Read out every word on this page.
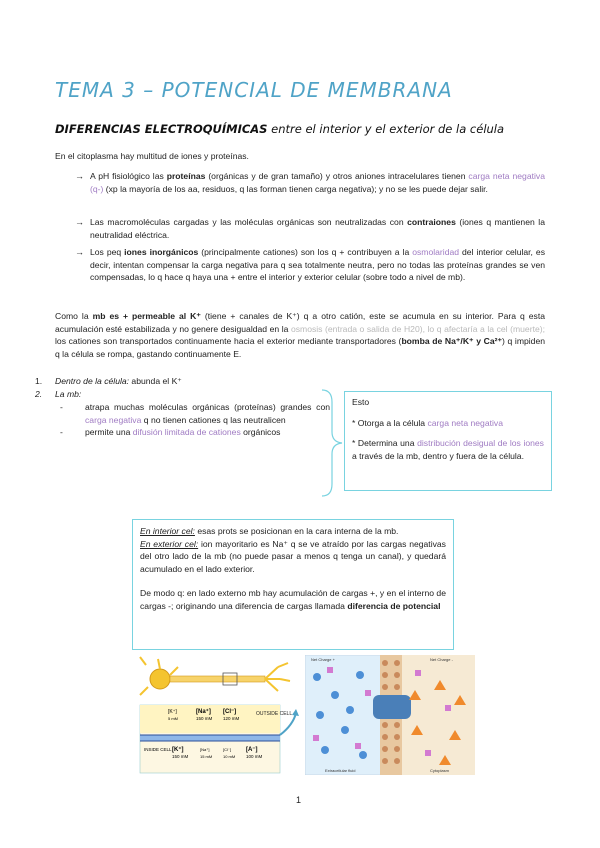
TEMA 3 – POTENCIAL DE MEMBRANA
DIFERENCIAS ELECTROQUÍMICAS entre el interior y el exterior de la célula
En el citoplasma hay multitud de iones y proteínas.
→ A pH fisiológico las proteínas (orgánicas y de gran tamaño) y otros aniones intracelulares tienen carga neta negativa (q-) (xp la mayoría de los aa, residuos, q las forman tienen carga negativa); y no se les puede dejar salir.
→ Las macromoléculas cargadas y las moléculas orgánicas son neutralizadas con contraiones (iones q mantienen la neutralidad eléctrica.
→ Los peq iones inorgánicos (principalmente cationes) son los q + contribuyen a la osmolaridad del interior celular, es decir, intentan compensar la carga negativa para q sea totalmente neutra, pero no todas las proteínas grandes se ven compensadas, lo q hace q haya una + entre el interior y exterior celular (sobre todo a nivel de mb).
Como la mb es + permeable al K⁺ (tiene + canales de K⁺) q a otro catión, este se acumula en su interior. Para q esta acumulación esté estabilizada y no genere desigualdad en la osmosis (entrada o salida de H20), lo q afectaría a la cel (muerte); los cationes son transportados continuamente hacia el exterior mediante transportadores (bomba de Na⁺/K⁺ y Ca²⁺) q impiden q la célula se rompa, gastando continuamente E.
1. Dentro de la célula: abunda el K⁺
2. La mb:
-	atrapa muchas moléculas orgánicas (proteínas) grandes con carga negativa q no tienen cationes q las neutralicen
-	permite una difusión limitada de cationes orgánicos
Esto
* Otorga a la célula carga neta negativa
* Determina una distribución desigual de los iones a través de la mb, dentro y fuera de la célula.
En interior cel: esas prots se posicionan en la cara interna de la mb.
En exterior cel: ion mayoritario es Na⁺ q se ve atraído por las cargas negativas del otro lado de la mb (no puede pasar a menos q tenga un canal), y quedará acumulado en el lado exterior.
De modo q: en lado externo mb hay acumulación de cargas +, y en el interno de cargas -; originando una diferencia de cargas llamada diferencia de potencial
OUTSIDE CELL
[K⁺]
5 mM
[Na⁺]
150 mM
[Cl⁻]
120 mM
INSIDE CELL [K⁺]
150 mM
[Na⁺]
15 mM
[Cl⁻]
10 mM
[A⁻]
100 mM
Net Charge +	Net Charge -
Extracellular fluid	Cytoplasm
1
